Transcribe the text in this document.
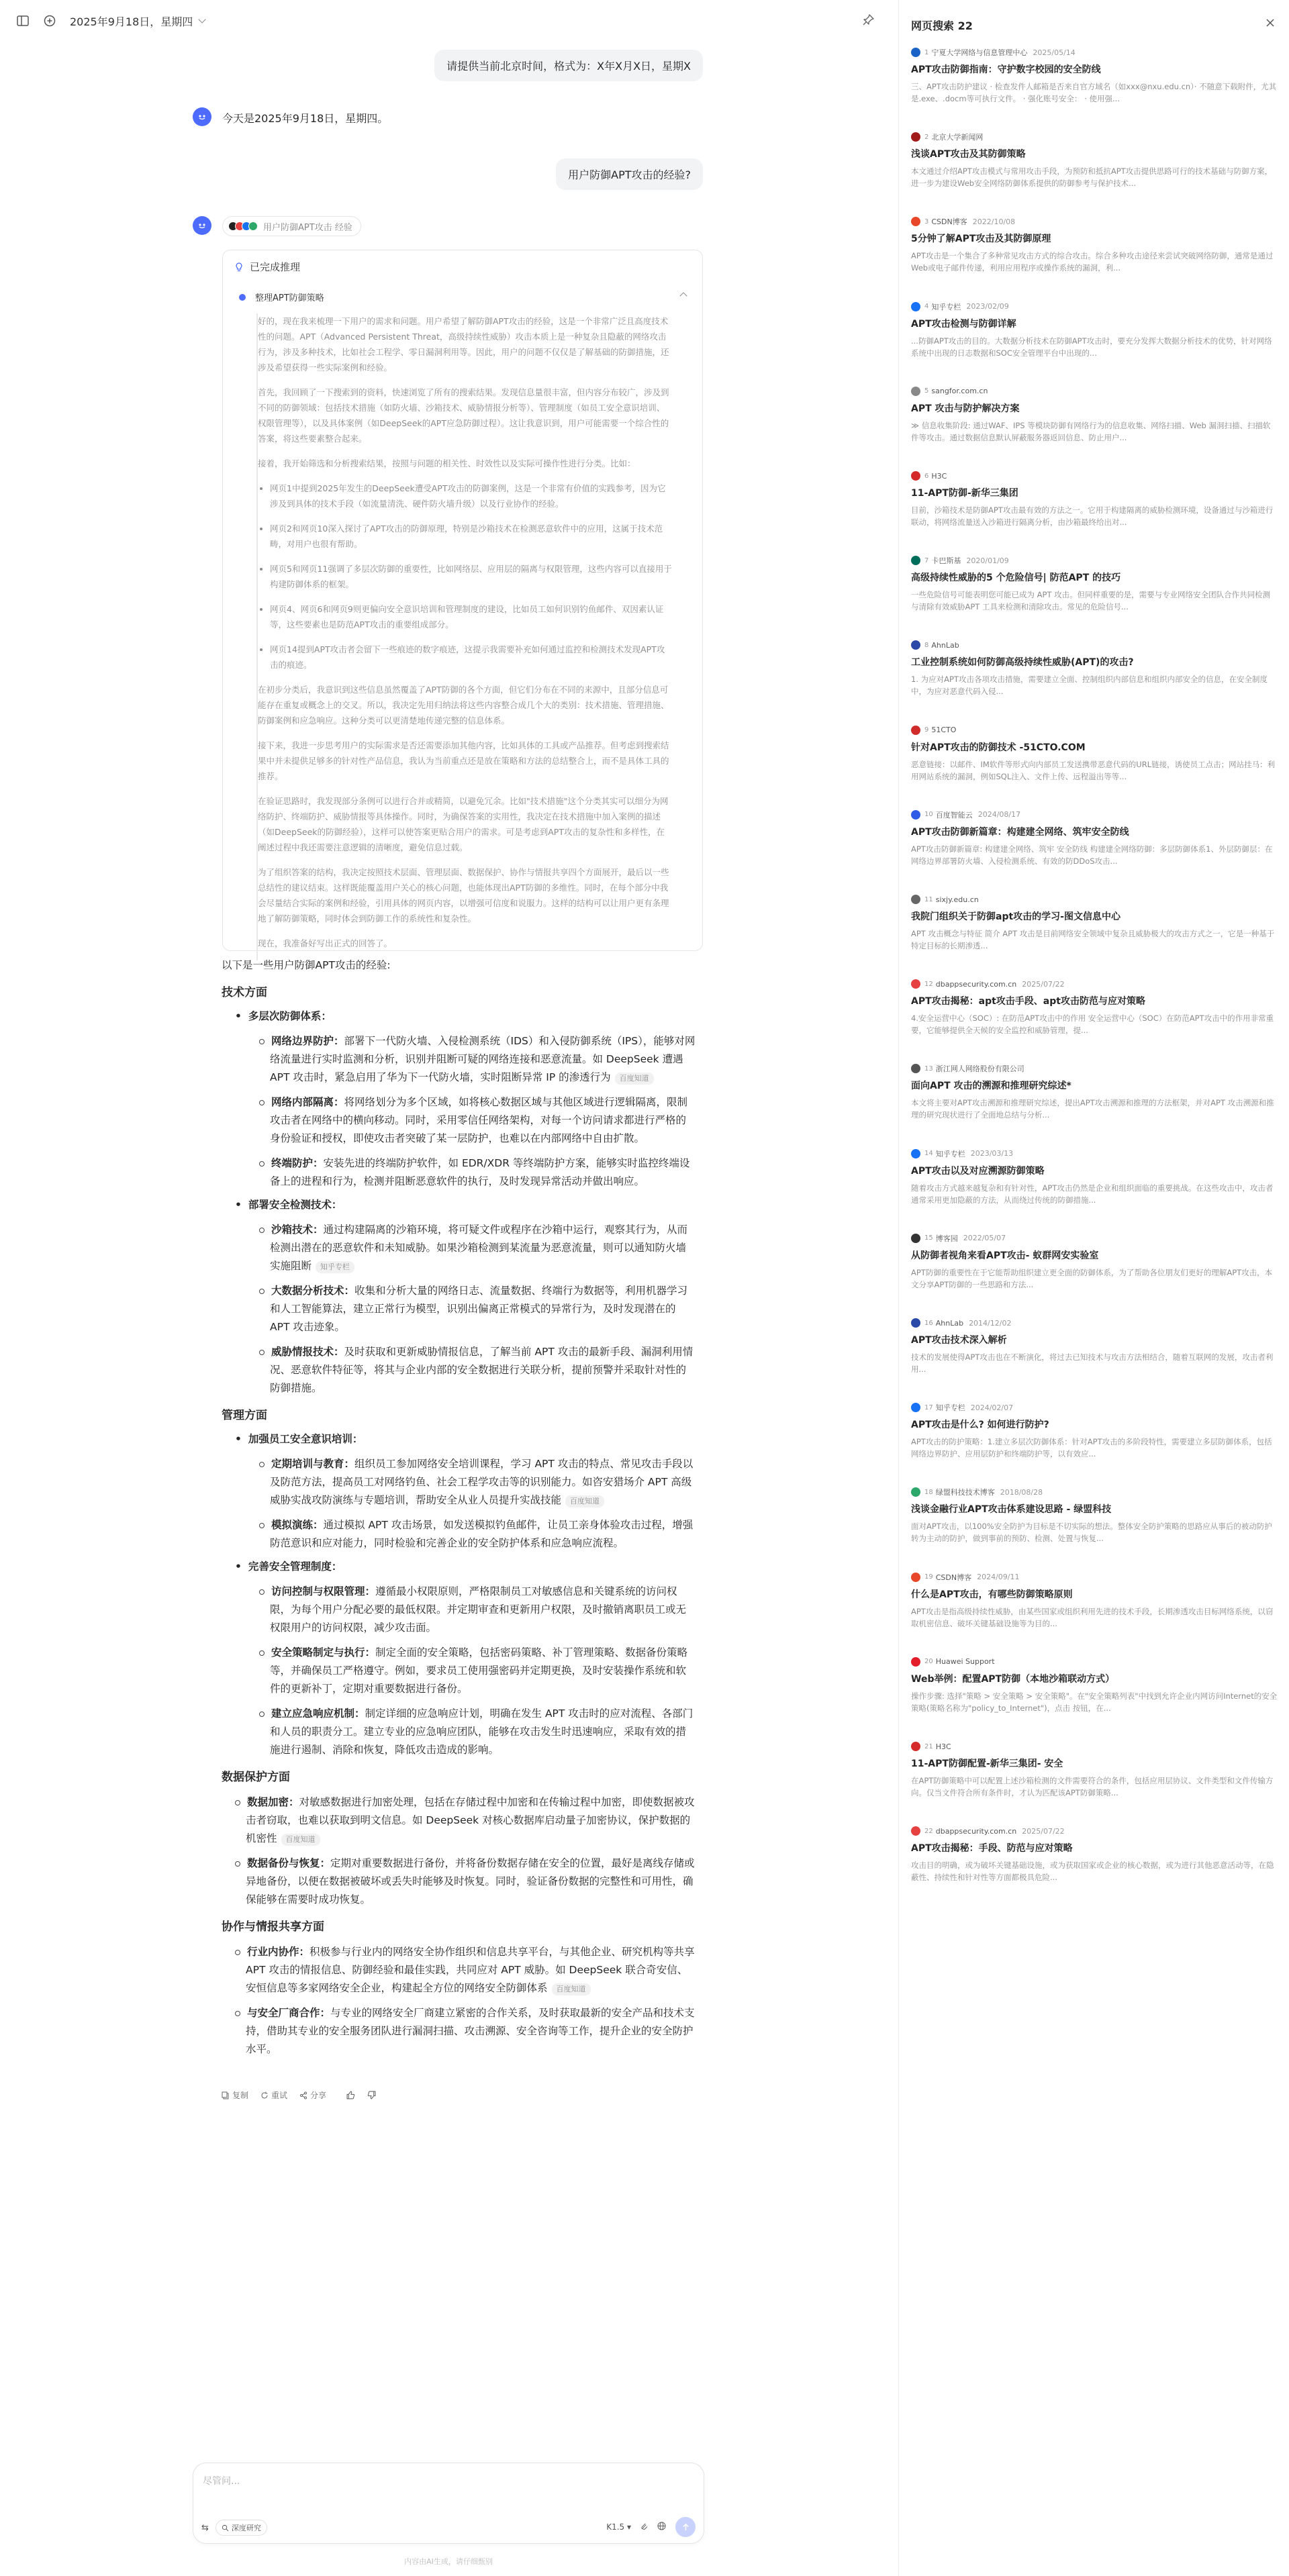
2025年9月18日，星期四
请提供当前北京时间，格式为：X年X月X日，星期X
今天是2025年9月18日，星期四。
用户防御APT攻击的经验?
用户防御APT攻击 经验
已完成推理
整理APT防御策略

好的，现在我来梳理一下用户的需求和问题。用户希望了解防御APT攻击的经验，这是一个非常广泛且高度技术性的问题。APT（Advanced Persistent Threat，高级持续性威胁）攻击本质上是一种复杂且隐蔽的网络攻击行为，涉及多种技术，比如社会工程学、零日漏洞利用等。因此，用户的问题不仅仅是了解基础的防御措施，还涉及希望获得一些实际案例和经验。

首先，我回顾了一下搜索到的资料，快速浏览了所有的搜索结果。发现信息量很丰富，但内容分布较广，涉及到不同的防御领域：包括技术措施（如防火墙、沙箱技术、威胁情报分析等）、管理制度（如员工安全意识培训、权限管理等），以及具体案例（如DeepSeek的APT应急防御过程）。这让我意识到，用户可能需要一个综合性的答案，将这些要素整合起来。

接着，我开始筛选和分析搜索结果，按照与问题的相关性、时效性以及实际可操作性进行分类。比如：

• 网页1中提到2025年发生的DeepSeek遭受APT攻击的防御案例，这是一个非常有价值的实践参考，因为它涉及到具体的技术手段（如流量清洗、硬件防火墙升级）以及行业协作的经验。
• 网页2和网页10深入探讨了APT攻击的防御原理，特别是沙箱技术在检测恶意软件中的应用，这属于技术范畴，对用户也很有帮助。
• 网页5和网页11强调了多层次防御的重要性，比如网络层、应用层的隔离与权限管理，这些内容可以直接用于构建防御体系的框架。
• 网页4、网页6和网页9则更偏向安全意识培训和管理制度的建设，比如员工如何识别钓鱼邮件、双因素认证等，这些要素也是防范APT攻击的重要组成部分。
• 网页14提到APT攻击者会留下一些痕迹的数字痕迹，这提示我需要补充如何通过监控和检测技术发现APT攻击的痕迹。

在初步分类后，我意识到这些信息虽然覆盖了APT防御的各个方面，但它们分布在不同的来源中，且部分信息可能存在重复或概念上的交叉。所以，我决定先用归纳法将这些内容整合成几个大的类别：技术措施、管理措施、防御案例和应急响应。这种分类可以更清楚地传递完整的信息体系。

接下来，我进一步思考用户的实际需求是否还需要添加其他内容，比如具体的工具或产品推荐。但考虑到搜索结果中并未提供足够多的针对性产品信息，我认为当前重点还是放在策略和方法的总结整合上，而不是具体工具的推荐。

在验证思路时，我发现部分条例可以进行合并或精简，以避免冗余。比如"技术措施"这个分类其实可以细分为网络防护、终端防护、威胁情报等具体操作。同时，为确保答案的实用性，我决定在技术措施中加入案例的描述（如DeepSeek的防御经验），这样可以使答案更贴合用户的需求。可是考虑到APT攻击的复杂性和多样性，在阐述过程中我还需要注意逻辑的清晰度，避免信息过载。

为了组织答案的结构，我决定按照技术层面、管理层面、数据保护、协作与情报共享四个方面展开，最后以一些总结性的建议结束。这样既能覆盖用户关心的核心问题，也能体现出APT防御的多维性。同时，在每个部分中我会尽量结合实际的案例和经验，引用具体的网页内容，以增强可信度和说服力。这样的结构可以让用户更有条理地了解防御策略，同时体会到防御工作的系统性和复杂性。

现在，我准备好写出正式的回答了。

以下是一些用户防御APT攻击的经验:
技术方面
• 多层次防御体系：
网络边界防护：部署下一代防火墙、入侵检测系统（IDS）和入侵防御系统（IPS），能够对网络流量进行实时监测和分析，识别并阻断可疑的网络连接和恶意流量。如 DeepSeek 遭遇 APT 攻击时，紧急启用了华为下一代防火墙，实时阻断异常 IP 的渗透行为 百度知道
网络内部隔离：将网络划分为多个区域，如将核心数据区域与其他区域进行逻辑隔离，限制攻击者在网络中的横向移动。同时，采用零信任网络架构，对每一个访问请求都进行严格的身份验证和授权，即使攻击者突破了某一层防护，也难以在内部网络中自由扩散。
终端防护：安装先进的终端防护软件，如 EDR/XDR 等终端防护方案，能够实时监控终端设备上的进程和行为，检测并阻断恶意软件的执行，及时发现异常活动并做出响应。
• 部署安全检测技术：
沙箱技术：通过构建隔离的沙箱环境，将可疑文件或程序在沙箱中运行，观察其行为，从而检测出潜在的恶意软件和未知威胁。如果沙箱检测到某流量为恶意流量，则可以通知防火墙实施阻断 知乎专栏
大数据分析技术：收集和分析大量的网络日志、流量数据、终端行为数据等，利用机器学习和人工智能算法，建立正常行为模型，识别出偏离正常模式的异常行为，及时发现潜在的 APT 攻击迹象。
威胁情报技术：及时获取和更新威胁情报信息，了解当前 APT 攻击的最新手段、漏洞利用情况、恶意软件特征等，将其与企业内部的安全数据进行关联分析，提前预警并采取针对性的防御措施。
管理方面
• 加强员工安全意识培训：
定期培训与教育：组织员工参加网络安全培训课程，学习 APT 攻击的特点、常见攻击手段以及防范方法，提高员工对网络钓鱼、社会工程学攻击等的识别能力。如咨安猎场介 APT 高级威胁实战攻防演练与专题培训，帮助安全从业人员提升实战技能 百度知道
模拟演练：通过模拟 APT 攻击场景，如发送模拟钓鱼邮件，让员工亲身体验攻击过程，增强防范意识和应对能力，同时检验和完善企业的安全防护体系和应急响应流程。
• 完善安全管理制度：
访问控制与权限管理：遵循最小权限原则，严格限制员工对敏感信息和关键系统的访问权限，为每个用户分配必要的最低权限。并定期审查和更新用户权限，及时撤销离职员工或无权限用户的访问权限，减少攻击面。
安全策略制定与执行：制定全面的安全策略，包括密码策略、补丁管理策略、数据备份策略等，并确保员工严格遵守。例如，要求员工使用强密码并定期更换，及时安装操作系统和软件的更新补丁，定期对重要数据进行备份。
建立应急响应机制：制定详细的应急响应计划，明确在发生 APT 攻击时的应对流程、各部门和人员的职责分工。建立专业的应急响应团队，能够在攻击发生时迅速响应，采取有效的措施进行遏制、消除和恢复，降低攻击造成的影响。
数据保护方面
数据加密：对敏感数据进行加密处理，包括在存储过程中加密和在传输过程中加密，即使数据被攻击者窃取，也难以获取到明文信息。如 DeepSeek 对核心数据库启动量子加密协议，保护数据的机密性 百度知道
数据备份与恢复：定期对重要数据进行备份，并将备份数据存储在安全的位置，最好是离线存储或异地备份，以便在数据被破坏或丢失时能够及时恢复。同时，验证备份数据的完整性和可用性，确保能够在需要时成功恢复。
协作与情报共享方面
行业内协作：积极参与行业内的网络安全协作组织和信息共享平台，与其他企业、研究机构等共享 APT 攻击的情报信息、防御经验和最佳实践，共同应对 APT 威胁。如 DeepSeek 联合奇安信、安恒信息等多家网络安全企业，构建起全方位的网络安全防御体系 百度知道
与安全厂商合作：与专业的网络安全厂商建立紧密的合作关系，及时获取最新的安全产品和技术支持，借助其专业的安全服务团队进行漏洞扫描、攻击溯源、安全咨询等工作，提升企业的安全防护水平。
复制	重试	分享
尽管问...
⇆	深度研究	K1.5 ▾
内容由AI生成，请仔细甄别
网页搜索 22
1 宁夏大学网络与信息管理中心 2025/05/14
APT攻击防御指南：守护数字校园的安全防线
三、APT攻击防护建议 · 检查发件人邮箱是否来自官方域名（如xxx@nxu.edu.cn）· 不随意下载附件，尤其是.exe、.docm等可执行文件。 · 强化账号安全： · 使用强...
2 北京大学新闻网
浅谈APT攻击及其防御策略
本文通过介绍APT攻击模式与常用攻击手段，为预防和抵抗APT攻击提供思路可行的技术基础与防御方案，进一步为建设Web安全网络防御体系提供的防御参考与保护技术...
3 CSDN博客 2022/10/08
5分钟了解APT攻击及其防御原理
APT攻击是一个集合了多种常见攻击方式的综合攻击。综合多种攻击途径来尝试突破网络防御，通常是通过Web或电子邮件传递，利用应用程序或操作系统的漏洞，利...
4 知乎专栏 2023/02/09
APT攻击检测与防御详解
...防御APT攻击的目的。大数据分析技术在防御APT攻击时，要充分发挥大数据分析技术的优势，针对网络系统中出现的日志数据和SOC安全管理平台中出现的...
5 sangfor.com.cn
APT 攻击与防护解决方案
≫ 信息收集阶段: 通过WAF、IPS 等模块防御有网络行为的信息收集、网络扫描、Web 漏洞扫描、扫描软件等攻击。通过数据信息默认屏蔽服务器返回信息、防止用户...
6 H3C
11-APT防御-新华三集团
目前，沙箱技术是防御APT攻击最有效的方法之一。它用于构建隔离的威胁检测环境，设备通过与沙箱进行联动，将网络流量送入沙箱进行隔离分析，由沙箱最终给出对...
7 卡巴斯基 2020/01/09
高级持续性威胁的5 个危险信号| 防范APT 的技巧
一些危险信号可能表明您可能已成为 APT 攻击。但同样重要的是，需要与专业网络安全团队合作共同检测与清除有效威胁APT 工具来检测和清除攻击。常见的危险信号...
8 AhnLab
工业控制系统如何防御高级持续性威胁(APT)的攻击?
1. 为应对APT攻击各项攻击措施，需要建立全面、控制组织内部信息和组织内部安全的信息，在安全制度中，为应对恶意代码入侵...
9 51CTO
针对APT攻击的防御技术 -51CTO.COM
恶意链接：以邮件、IM软件等形式向内部员工发送携带恶意代码的URL链接，诱使员工点击；网站挂马：利用网站系统的漏洞，例如SQL注入、文件上传、远程溢出等等...
10 百度智能云 2024/08/17
APT攻击防御新篇章：构建建全网络、筑牢安全防线
APT攻击防御新篇章: 构建建全网络、筑牢 安全防线 构建建全网络防御：多层防御体系1、外层防御层：在网络边界部署防火墙、入侵检测系统、有效的防DDoS攻击...
11 sixjy.edu.cn
我院门组织关于防御apt攻击的学习-图文信息中心
APT 攻击概念与特征 简介 APT 攻击是目前网络安全领域中复杂且威胁极大的攻击方式之一，它是一种基于特定目标的长期渗透...
12 dbappsecurity.com.cn 2025/07/22
APT攻击揭秘：apt攻击手段、apt攻击防范与应对策略
4.安全运营中心（SOC）: 在防范APT攻击中的作用 安全运营中心（SOC）在防范APT攻击中的作用非常重要，它能够提供全天候的安全监控和威胁管理，提...
13 浙江网人网络股份有限公司
面向APT 攻击的溯源和推理研究综述*
本文将主要对APT攻击溯源和推理研究综述，提出APT攻击溯源和推理的方法框架，并对APT 攻击溯源和推理的研究现状进行了全面地总结与分析...
14 知乎专栏 2023/03/13
APT攻击以及对应溯源防御策略
随着攻击方式越来越复杂和有针对性，APT攻击仍然是企业和组织面临的重要挑战。在这些攻击中，攻击者通常采用更加隐蔽的方法，从而绕过传统的防御措施...
15 博客园 2022/05/07
从防御者视角来看APT攻击- 蚁群网安实验室
APT防御的重要性在于它能帮助组织建立更全面的防御体系，为了帮助各位朋友们更好的理解APT攻击，本文分享APT防御的一些思路和方法...
16 AhnLab 2014/12/02
APT攻击技术深入解析
技术的发展使得APT攻击也在不断演化，将过去已知技术与攻击方法相结合，随着互联网的发展，攻击者利用...
17 知乎专栏 2024/02/07
APT攻击是什么? 如何进行防护?
APT攻击的防护策略：1.建立多层次防御体系：针对APT攻击的多阶段特性，需要建立多层防御体系，包括网络边界防护、应用层防护和终端防护等，以有效应...
18 绿盟科技技术博客 2018/08/28
浅谈金融行业APT攻击体系建设思路 - 绿盟科技
面对APT攻击，以100%安全防护为目标是不切实际的想法。整体安全防护策略的思路应从事后的被动防护转为主动的防护，做到事前的预防、检测、处置与恢复...
19 CSDN博客 2024/09/11
什么是APT攻击，有哪些防御策略原则
APT攻击是指高级持续性威胁，由某些国家或组织利用先进的技术手段，长期渗透攻击目标网络系统，以窃取机密信息、破坏关键基础设施等为目的...
20 Huawei Support
Web举例：配置APT防御（本地沙箱联动方式）
操作步骤: 选择"策略 > 安全策略 > 安全策略"。在"安全策略列表"中找到允许企业内网访问Internet的安全策略(策略名称为"policy_to_Internet")，点击 按钮，在...
21 H3C
11-APT防御配置-新华三集团- 安全
在APT防御策略中可以配置上述沙箱检测的文件需要符合的条件，包括应用层协议、文件类型和文件传输方向。仅当文件符合所有条件时，才认为匹配该APT防御策略...
22 dbappsecurity.com.cn 2025/07/22
APT攻击揭秘：手段、防范与应对策略
攻击目的明确，或为破坏关键基础设施，或为获取国家或企业的核心数据，或为进行其他恶意活动等，在隐蔽性、持续性和针对性等方面都极具危险...
